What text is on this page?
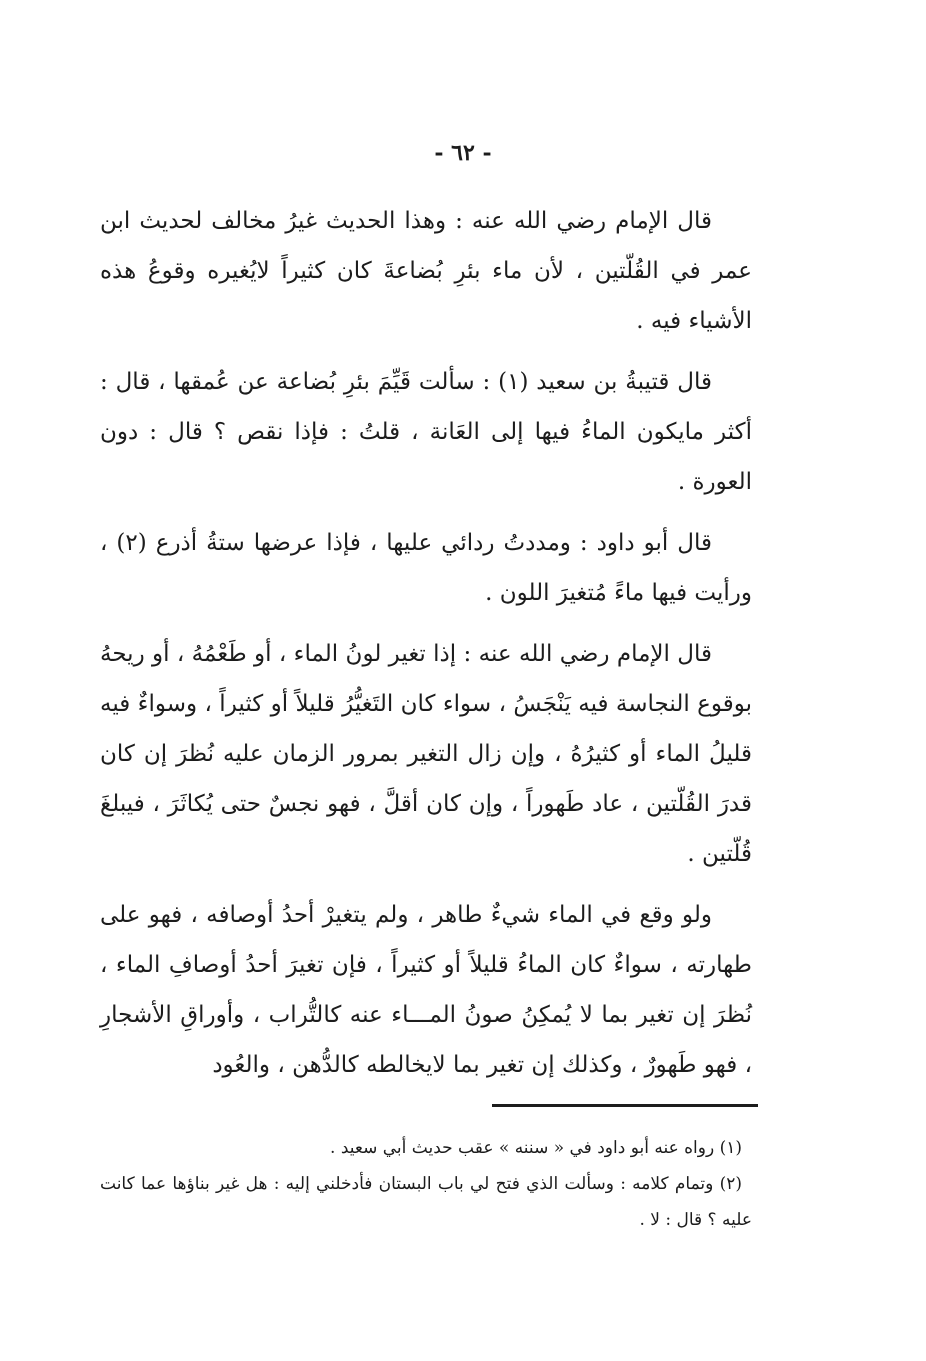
- ٦٢ -

قال الإمام رضي الله عنه : وهذا الحديث غيرُ مخالف لحديث ابن عمر في القُلّتين ، لأن ماء بئرِ بُضاعةَ كان كثيراً لايُغيره وقوعُ هذه الأشياء فيه .

قال قتيبةُ بن سعيد (١) : سألت قَيِّمَ بئرِ بُضاعة عن عُمقها ، قال : أكثر مايكون الماءُ فيها إلى العَانة ، قلتُ : فإذا نقص ؟ قال : دون العورة .

قال أبو داود : ومددتُ ردائي عليها ، فإذا عرضها ستةُ أذرع (٢) ، ورأيت فيها ماءً مُتغيرَ اللون .

قال الإمام رضي الله عنه : إذا تغير لونُ الماء ، أو طَعْمُهُ ، أو ريحهُ بوقوع النجاسة فيه يَنْجَسُ ، سواء كان التَغيُّرُ قليلاً أو كثيراً ، وسواءٌ فيه قليلُ الماء أو كثيرُهُ ، وإن زال التغير بمرور الزمان عليه نُظرَ إن كان قدرَ القُلّتين ، عاد طَهوراً ، وإن كان أقلَّ ، فهو نجسٌ حتى يُكاثَرَ ، فيبلغَ قُلّتين .

ولو وقع في الماء شيءٌ طاهر ، ولم يتغيرْ أحدُ أوصافه ، فهو على طهارته ، سواءٌ كان الماءُ قليلاً أو كثيراً ، فإن تغيرَ أحدُ أوصافِ الماء ، نُظرَ إن تغير بما لا يُمكِنُ صونُ المـــاء عنه كالتُّراب ، وأوراقِ الأشجارِ ، فهو طَهورٌ ، وكذلك إن تغير بما لايخالطه كالدُّهن ، والعُود

(١) رواه عنه أبو داود في « سننه » عقب حديث أبي سعيد .

(٢) وتمام كلامه : وسألت الذي فتح لي باب البستان فأدخلني إليه : هل غير بناؤها عما كانت عليه ؟ قال : لا .
